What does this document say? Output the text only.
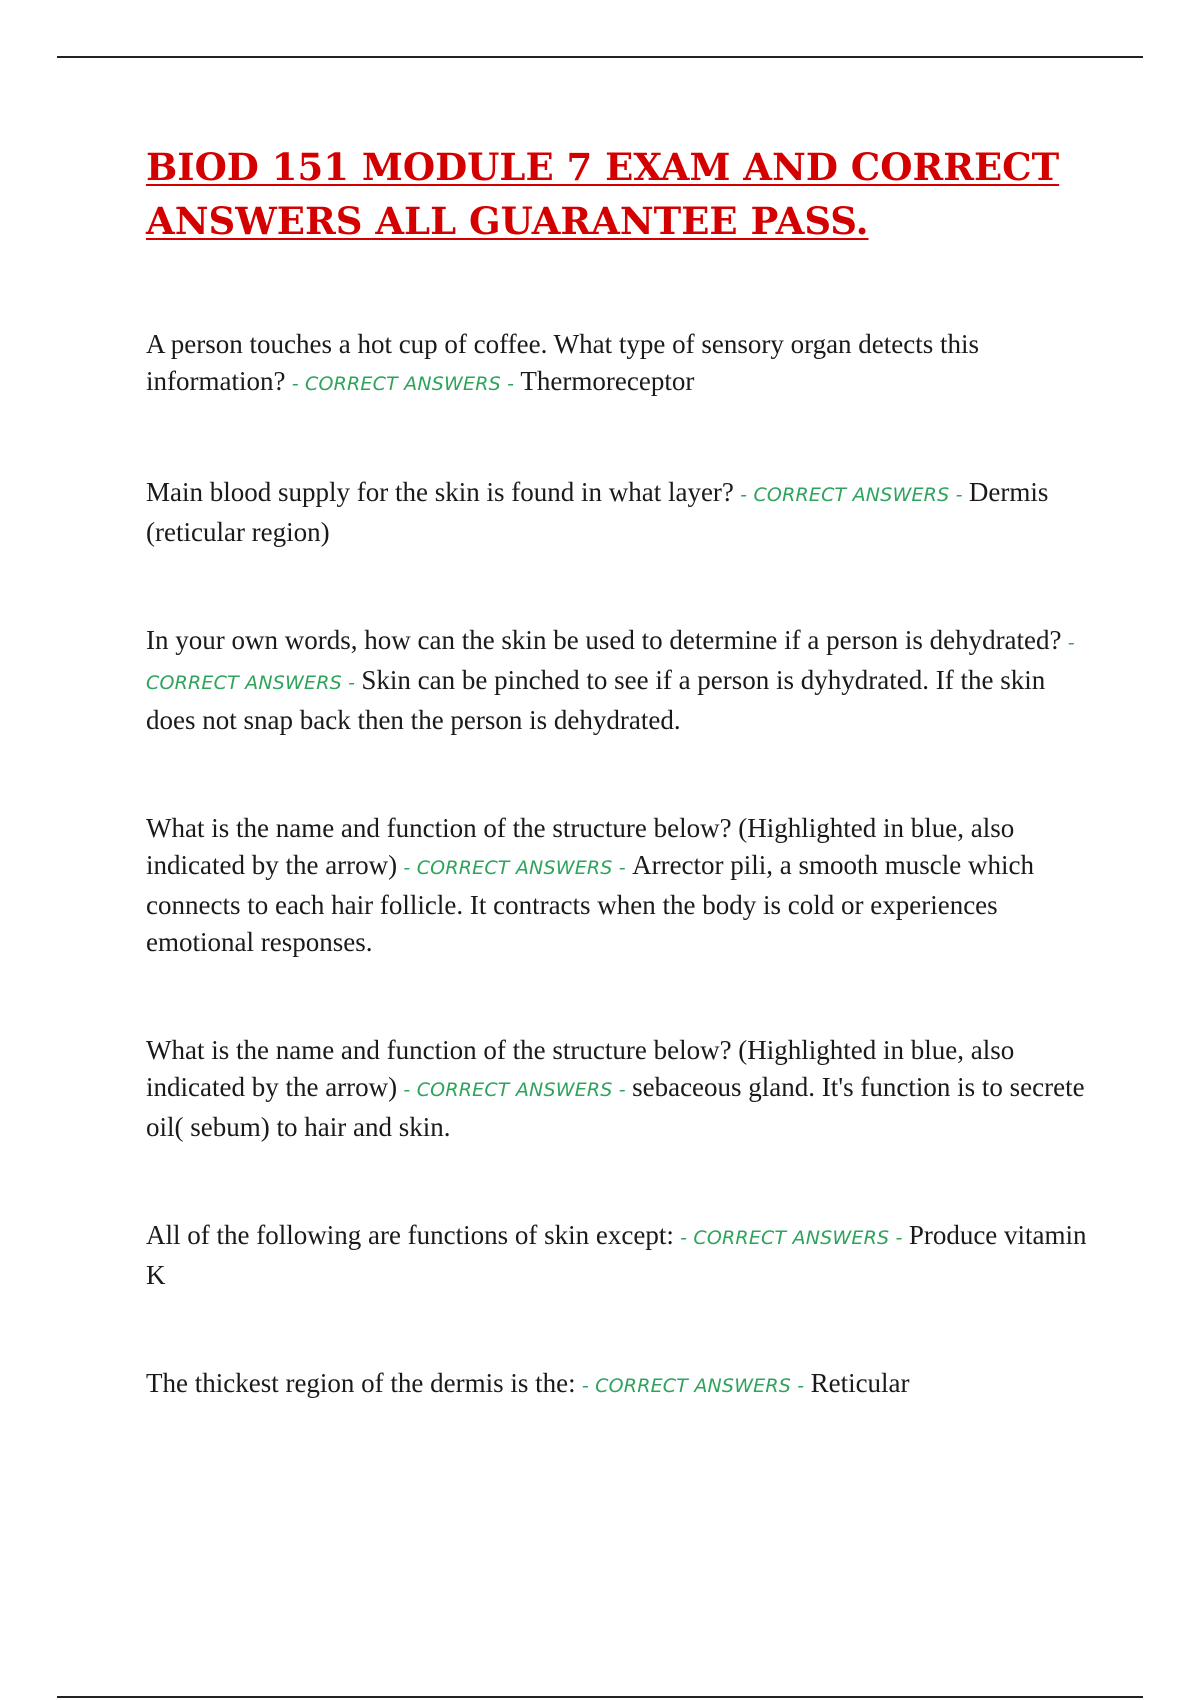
BIOD 151 MODULE 7 EXAM AND CORRECT ANSWERS ALL GUARANTEE PASS.

A person touches a hot cup of coffee. What type of sensory organ detects this information? - CORRECT ANSWERS - Thermoreceptor

Main blood supply for the skin is found in what layer? - CORRECT ANSWERS - Dermis (reticular region)

In your own words, how can the skin be used to determine if a person is dehydrated? - CORRECT ANSWERS - Skin can be pinched to see if a person is dyhydrated. If the skin does not snap back then the person is dehydrated.

What is the name and function of the structure below? (Highlighted in blue, also indicated by the arrow) - CORRECT ANSWERS - Arrector pili, a smooth muscle which connects to each hair follicle. It contracts when the body is cold or experiences emotional responses.

What is the name and function of the structure below? (Highlighted in blue, also indicated by the arrow) - CORRECT ANSWERS - sebaceous gland. It's function is to secrete oil( sebum) to hair and skin.

All of the following are functions of skin except: - CORRECT ANSWERS - Produce vitamin K

The thickest region of the dermis is the: - CORRECT ANSWERS - Reticular
